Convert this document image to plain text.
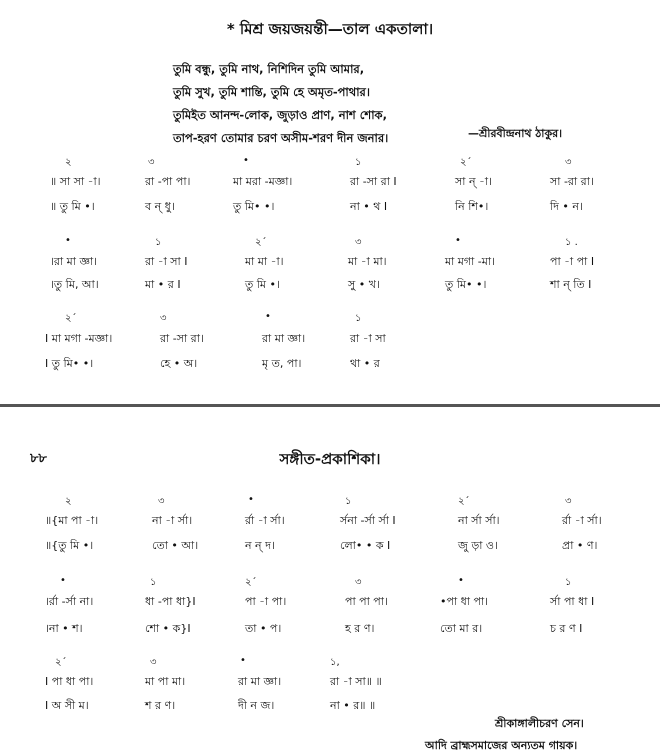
* মিশ্র জয়জয়ন্তী—তাল একতালা।
তুমি বন্ধু, তুমি নাথ, নিশিদিন তুমি আমার,
তুমি সুখ, তুমি শান্তি, তুমি হে অমৃত-পাথার।
তুমিইত আনন্দ-লোক, জুড়াও প্রাণ, নাশ শোক,
তাপ-হরণ তোমার চরণ অসীম-শরণ দীন জনার।	—শ্রীরবীন্দ্রনাথ ঠাকুর।
২	৩	•	১	২´	৩
॥ সা সা -া।	রা -পা পা।	মা মরা -মজ্ঞা।	রা -সা রা I	সা ন্‌ -া।	সা -রা রা।
॥ তু মি •।	ব ন্‌ ধু।	তু মি• •।	না • থ I	নি শি•।	দি • ন।
•	১	২´	৩	•	১ .
।রা মা জ্ঞা।	রা -া সা I	মা মা -া।	মা -া মা।	মা মগা -মা।	পা -া পা I
।তু মি, আ।	মা • র I	তু মি •।	সু • খ।	তু মি• •।	শা ন্‌ তি I
২´	৩	•	১
I মা মগা -মজ্ঞা।	রা -সা রা।	রা মা জ্ঞা।	রা -া সা
I তু মি• •।	হে • অ।	মৃ ত, পা।	থা • র
৮৮	সঙ্গীত-প্রকাশিকা।
২	৩	•	১	২´	৩
॥{মা পা -া।	না -া র্সা।	র্রা -া র্সা।	র্সনা -র্সা র্সা I	না র্সা র্সা।	র্রা -া র্সা।
॥{তু মি •।	তো • আ।	ন ন্‌ দ।	লো• • ক I	জু ড়া ও।	প্রা • ণ।
•	১	২´	৩	•	১
।র্রা -র্সা না।	ধা -পা ধা}I	পা -া পা।	পা পা পা।	•পা ধা পা।	র্সা পা ধা I
।না • শ।	শো • ক}I	তা • প।	হ র ণ।	তো মা র।	চ র ণ I
২´	৩	•	১,
I পা ধা পা।	মা পা মা।	রা মা জ্ঞা।	রা -া সা॥ ॥
I অ সী ম।	শ র ণ।	দী ন জ।	না • র॥ ॥
শ্রীকাঙ্গালীচরণ সেন।
আদি ব্রাহ্মসমাজের অন্যতম গায়ক।
